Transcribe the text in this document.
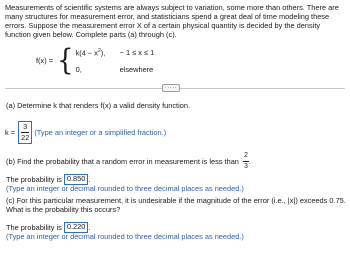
Measurements of scientific systems are always subject to variation, some more than others. There are many structures for measurement error, and statisticians spend a great deal of time modeling these errors. Suppose the measurement error X of a certain physical quantity is decided by the density function given below. Complete parts (a) through (c).
f(x) = { $k(4 - x^2)$,	− 1 ≤ x ≤ 1
0,	elsewhere
·····
(a) Determine k that renders f(x) a valid density function.
$k = \frac{3}{22}$ (Type an integer or a simplified fraction.)
(b) Find the probability that a random error in measurement is less than $\frac{2}{3}$ .
The probability is 0.850 .
(Type an integer or decimal rounded to three decimal places as needed.)
(c) For this particular measurement, it is undesirable if the magnitude of the error (i.e., |x|) exceeds 0.75. What is the probability this occurs?
The probability is 0.220 .
(Type an integer or decimal rounded to three decimal places as needed.)
